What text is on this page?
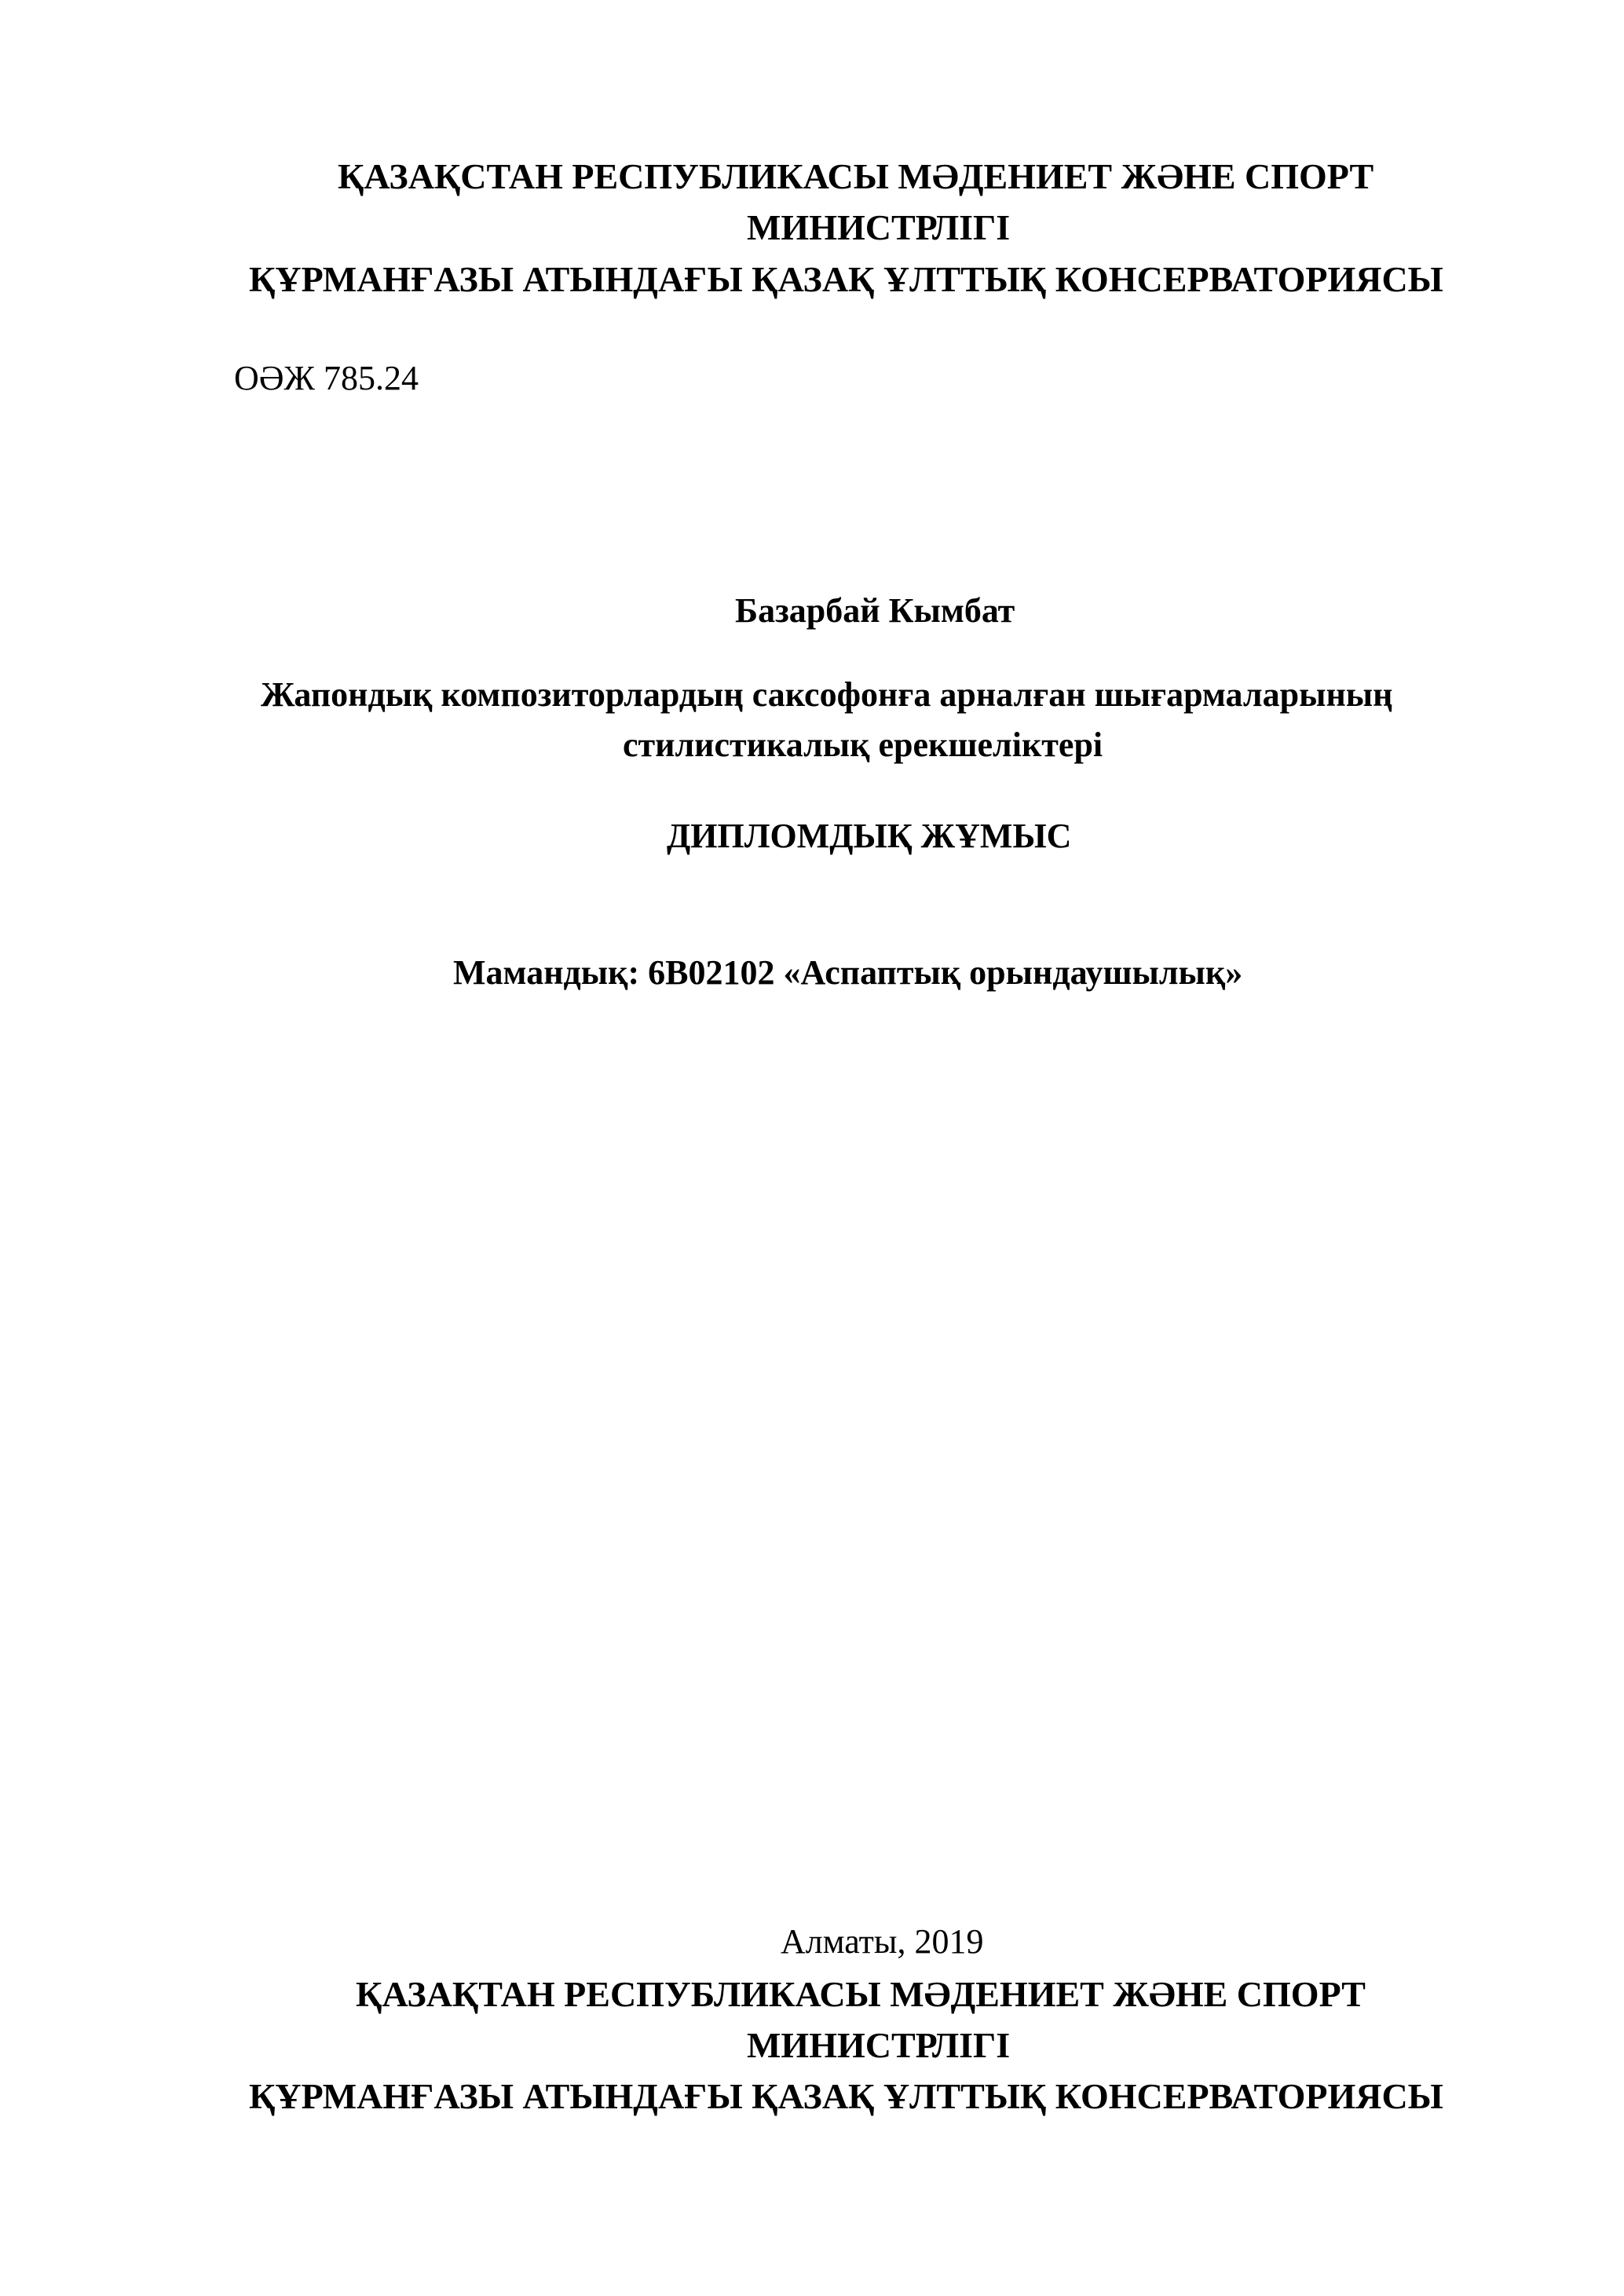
ҚАЗАҚСТАН РЕСПУБЛИКАСЫ МӘДЕНИЕТ ЖӘНЕ СПОРТ
МИНИСТРЛІГІ
ҚҰРМАНҒАЗЫ АТЫНДАҒЫ ҚАЗАҚ ҰЛТТЫҚ КОНСЕРВАТОРИЯСЫ
ОӘЖ 785.24
Базарбай Кымбат
Жапондық композиторлардың саксофонға арналған шығармаларының
стилистикалық ерекшеліктері
ДИПЛОМДЫҚ ЖҰМЫС
Мамандық: 6В02102 «Аспаптық орындаушылық»
Алматы, 2019
ҚАЗАҚТАН РЕСПУБЛИКАСЫ МӘДЕНИЕТ ЖӘНЕ СПОРТ
МИНИСТРЛІГІ
ҚҰРМАНҒАЗЫ АТЫНДАҒЫ ҚАЗАҚ ҰЛТТЫҚ КОНСЕРВАТОРИЯСЫ
